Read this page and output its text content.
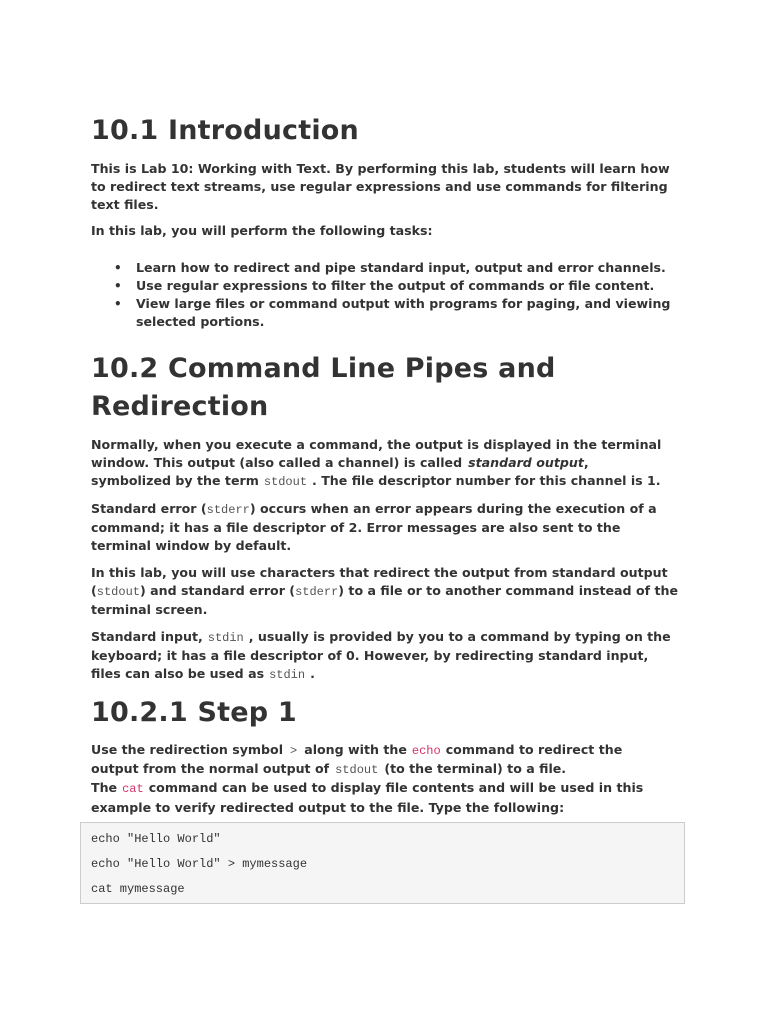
10.1 Introduction

This is Lab 10: Working with Text. By performing this lab, students will learn how to redirect text streams, use regular expressions and use commands for filtering text files.

In this lab, you will perform the following tasks:

• Learn how to redirect and pipe standard input, output and error channels.
• Use regular expressions to filter the output of commands or file content.
• View large files or command output with programs for paging, and viewing selected portions.
10.2 Command Line Pipes and Redirection

Normally, when you execute a command, the output is displayed in the terminal window. This output (also called a channel) is called standard output,
symbolized by the term stdout . The file descriptor number for this channel is 1.

Standard error (stderr) occurs when an error appears during the execution of a command; it has a file descriptor of 2. Error messages are also sent to the terminal window by default.

In this lab, you will use characters that redirect the output from standard output (stdout) and standard error (stderr) to a file or to another command instead of the terminal screen.

Standard input, stdin , usually is provided by you to a command by typing on the keyboard; it has a file descriptor of 0. However, by redirecting standard input, files can also be used as stdin .

10.2.1 Step 1

Use the redirection symbol > along with the echo command to redirect the
output from the normal output of stdout (to the terminal) to a file.
The cat command can be used to display file contents and will be used in this
example to verify redirected output to the file. Type the following:

echo "Hello World"
echo "Hello World" > mymessage
cat mymessage
